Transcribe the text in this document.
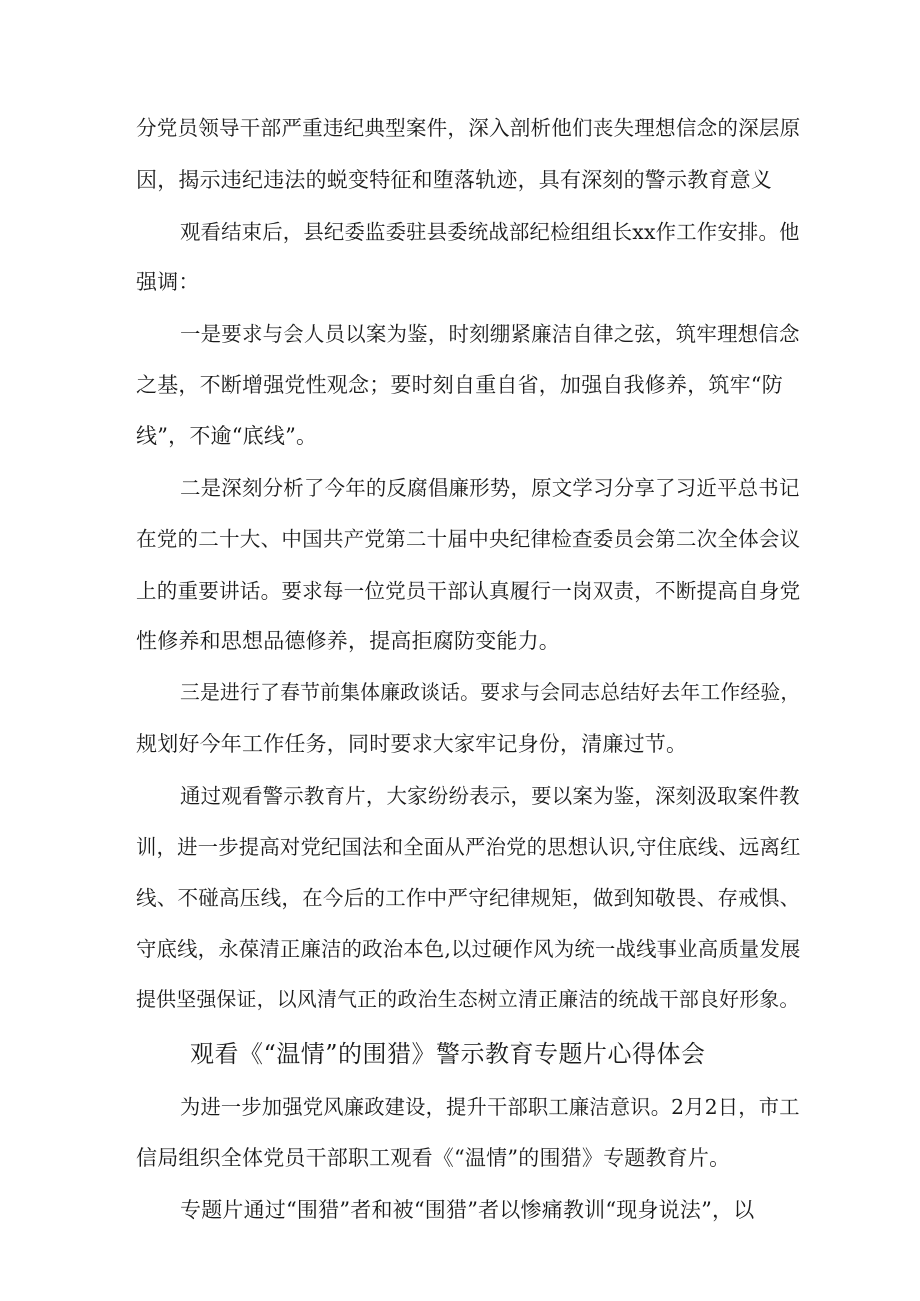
分党员领导干部严重违纪典型案件，深入剖析他们丧失理想信念的深层原
因，揭示违纪违法的蜕变特征和堕落轨迹，具有深刻的警示教育意义
观看结束后，县纪委监委驻县委统战部纪检组组长xx作工作安排。他
强调：
一是要求与会人员以案为鉴，时刻绷紧廉洁自律之弦，筑牢理想信念
之基，不断增强党性观念；要时刻自重自省，加强自我修养，筑牢“防
线”，不逾“底线”。
二是深刻分析了今年的反腐倡廉形势，原文学习分享了习近平总书记
在党的二十大、中国共产党第二十届中央纪律检查委员会第二次全体会议
上的重要讲话。要求每一位党员干部认真履行一岗双责，不断提高自身党
性修养和思想品德修养，提高拒腐防变能力。
三是进行了春节前集体廉政谈话。要求与会同志总结好去年工作经验，
规划好今年工作任务，同时要求大家牢记身份，清廉过节。
通过观看警示教育片，大家纷纷表示，要以案为鉴，深刻汲取案件教
训，进一步提高对党纪国法和全面从严治党的思想认识,守住底线、远离红
线、不碰高压线，在今后的工作中严守纪律规矩，做到知敬畏、存戒惧、
守底线，永葆清正廉洁的政治本色,以过硬作风为统一战线事业高质量发展
提供坚强保证，以风清气正的政治生态树立清正廉洁的统战干部良好形象。
观看《“温情”的围猎》警示教育专题片心得体会
为进一步加强党风廉政建设，提升干部职工廉洁意识。2月2日，市工
信局组织全体党员干部职工观看《“温情”的围猎》专题教育片。
专题片通过“围猎”者和被“围猎”者以惨痛教训“现身说法”，以
